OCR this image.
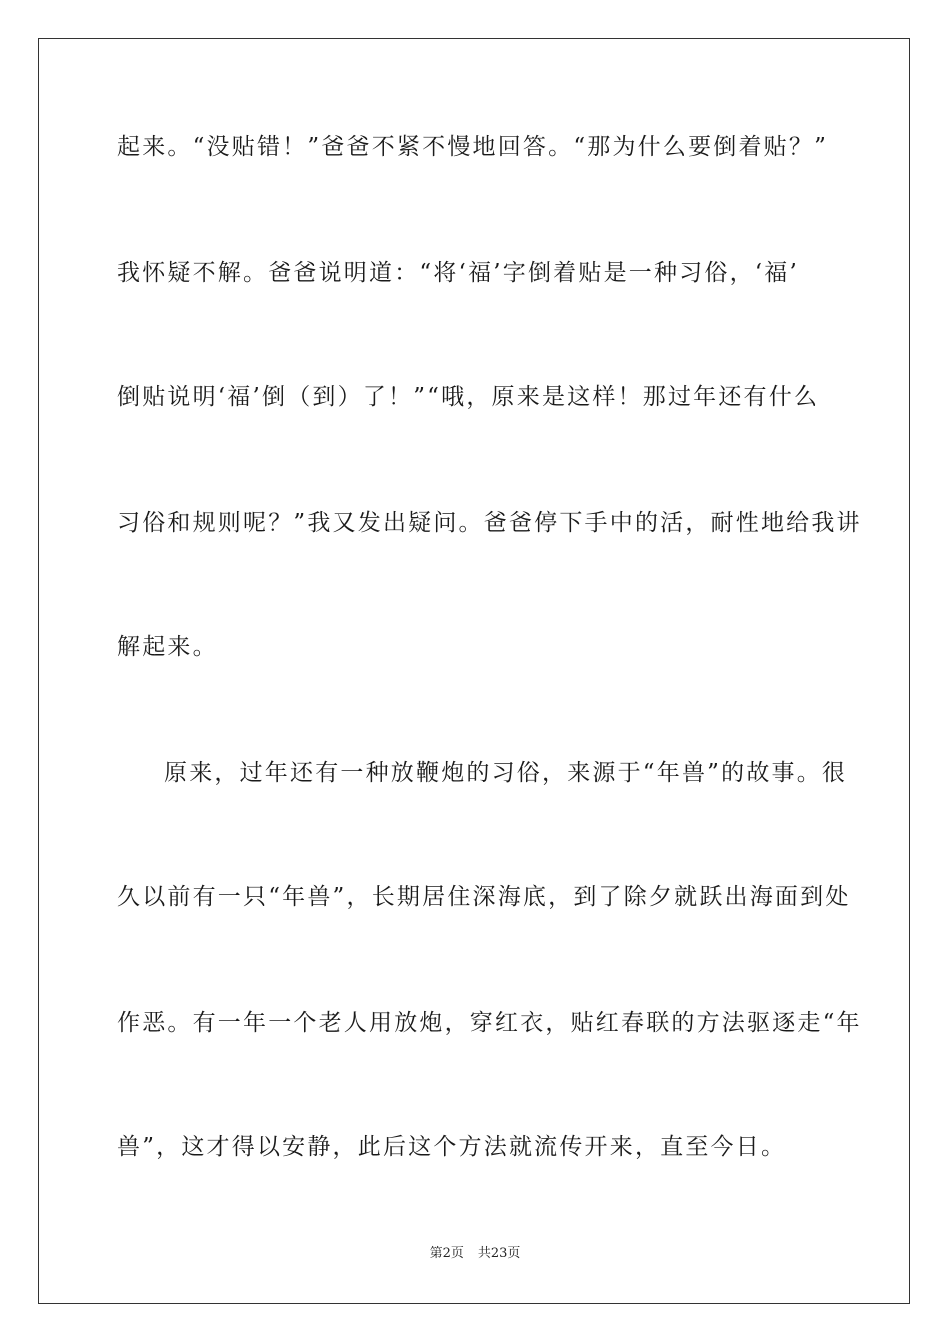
起来。“没贴错！”爸爸不紧不慢地回答。“那为什么要倒着贴？”
我怀疑不解。爸爸说明道：“将‘福’字倒着贴是一种习俗，‘福’
倒贴说明‘福’倒（到）了！”“哦，原来是这样！那过年还有什么
习俗和规则呢？”我又发出疑问。爸爸停下手中的活，耐性地给我讲
解起来。
原来，过年还有一种放鞭炮的习俗，来源于“年兽”的故事。很
久以前有一只“年兽”，长期居住深海底，到了除夕就跃出海面到处
作恶。有一年一个老人用放炮，穿红衣，贴红春联的方法驱逐走“年
兽”，这才得以安静，此后这个方法就流传开来，直至今日。
第2页 共23页
